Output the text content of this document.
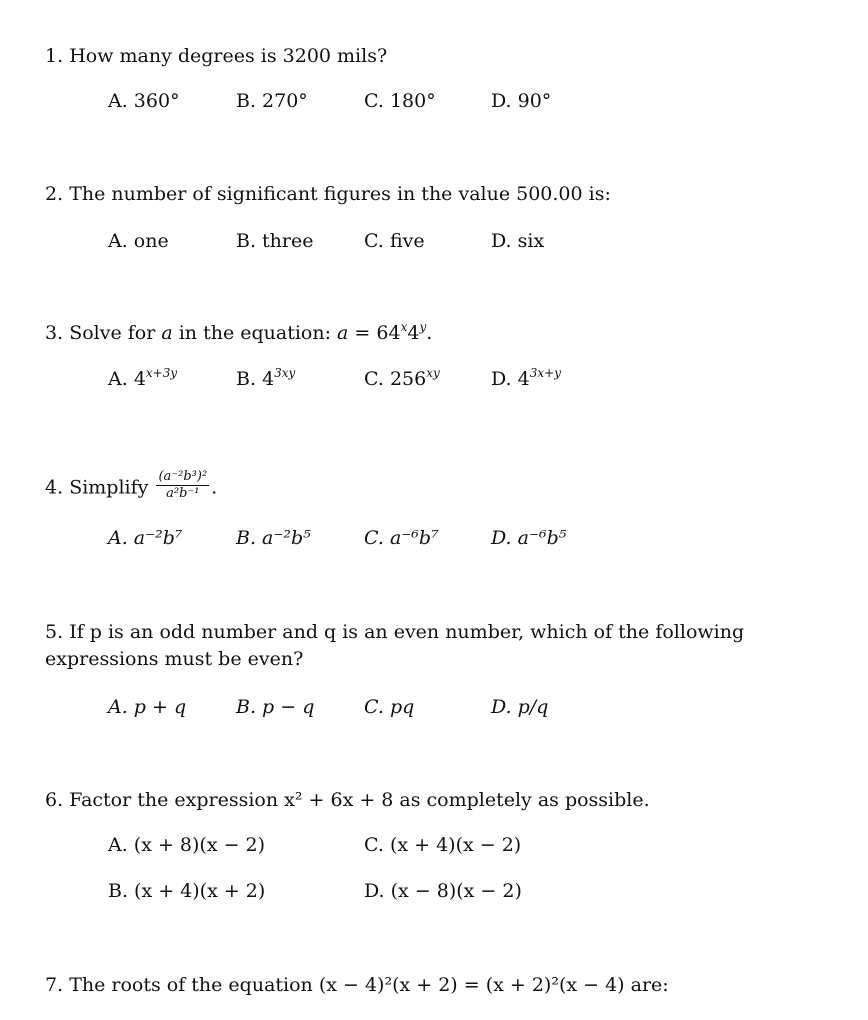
1. How many degrees is 3200 mils?
A. 360°	B. 270°	C. 180°	D. 90°
2. The number of significant figures in the value 500.00 is:
A. one	B. three	C. five	D. six
3. Solve for a in the equation: $a = 64^x4^y$.
A. $4^{x+3y}$	B. $4^{3xy}$	C. $256^{xy}$	D. $4^{3x+y}$
4. Simplify $\frac{\text{(a⁻²b³)²}}{\text{a²b⁻¹}}$ .
A. a⁻²b⁷	B. a⁻²b⁵	C. a⁻⁶b⁷	D. a⁻⁶b⁵
5. If p is an odd number and q is an even number, which of the following
expressions must be even?
A. p + q	B. p − q	C. pq	D. p/q
6. Factor the expression x² + 6x + 8 as completely as possible.
A. (x + 8)(x − 2)	C. (x + 4)(x − 2)
B. (x + 4)(x + 2)	D. (x − 8)(x − 2)
7. The roots of the equation (x − 4)²(x + 2) = (x + 2)²(x − 4) are:
